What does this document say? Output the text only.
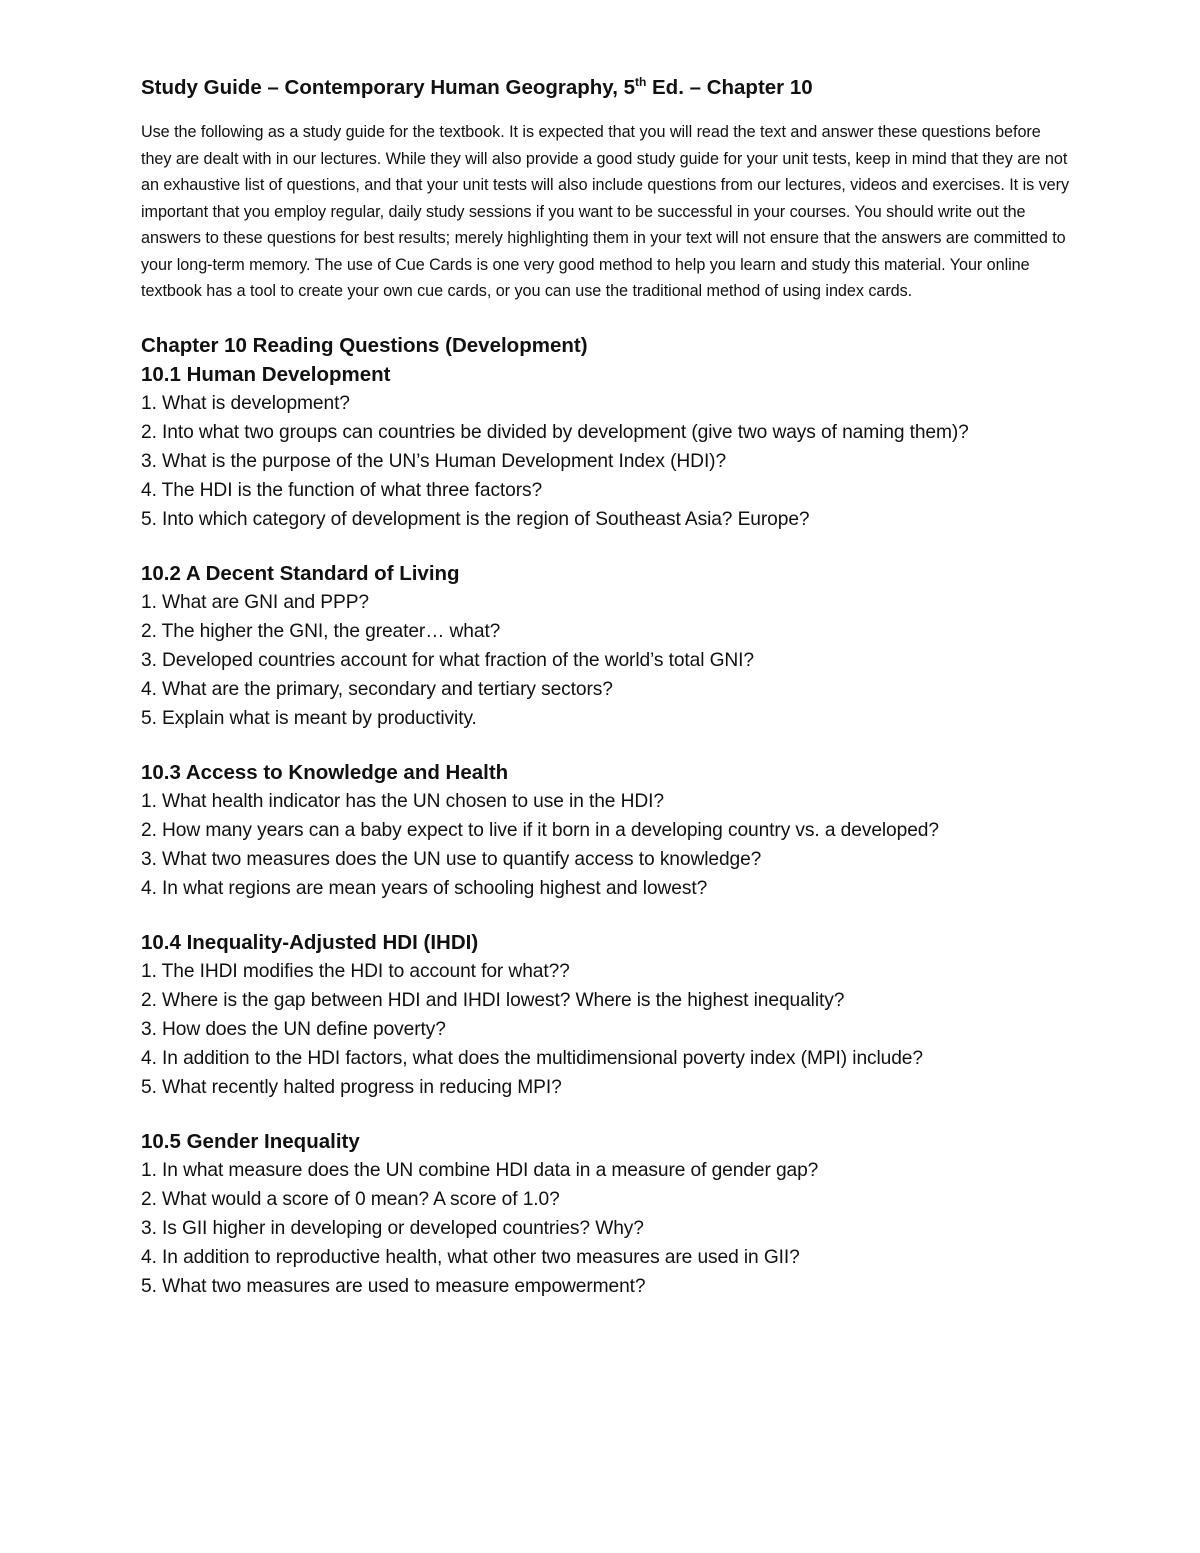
Study Guide – Contemporary Human Geography, 5th Ed. – Chapter 10

Use the following as a study guide for the textbook. It is expected that you will read the text and answer these questions before they are dealt with in our lectures. While they will also provide a good study guide for your unit tests, keep in mind that they are not an exhaustive list of questions, and that your unit tests will also include questions from our lectures, videos and exercises. It is very important that you employ regular, daily study sessions if you want to be successful in your courses. You should write out the answers to these questions for best results; merely highlighting them in your text will not ensure that the answers are committed to your long-term memory. The use of Cue Cards is one very good method to help you learn and study this material. Your online textbook has a tool to create your own cue cards, or you can use the traditional method of using index cards.

Chapter 10 Reading Questions (Development)
10.1 Human Development
1. What is development?
2. Into what two groups can countries be divided by development (give two ways of naming them)?
3. What is the purpose of the UN’s Human Development Index (HDI)?
4. The HDI is the function of what three factors?
5. Into which category of development is the region of Southeast Asia? Europe?
10.2 A Decent Standard of Living
1. What are GNI and PPP?
2. The higher the GNI, the greater… what?
3. Developed countries account for what fraction of the world’s total GNI?
4. What are the primary, secondary and tertiary sectors?
5. Explain what is meant by productivity.
10.3 Access to Knowledge and Health
1. What health indicator has the UN chosen to use in the HDI?
2. How many years can a baby expect to live if it born in a developing country vs. a developed?
3. What two measures does the UN use to quantify access to knowledge?
4. In what regions are mean years of schooling highest and lowest?
10.4 Inequality-Adjusted HDI (IHDI)
1. The IHDI modifies the HDI to account for what??
2. Where is the gap between HDI and IHDI lowest? Where is the highest inequality?
3. How does the UN define poverty?
4. In addition to the HDI factors, what does the multidimensional poverty index (MPI) include?
5. What recently halted progress in reducing MPI?
10.5 Gender Inequality
1. In what measure does the UN combine HDI data in a measure of gender gap?
2. What would a score of 0 mean? A score of 1.0?
3. Is GII higher in developing or developed countries? Why?
4. In addition to reproductive health, what other two measures are used in GII?
5. What two measures are used to measure empowerment?
